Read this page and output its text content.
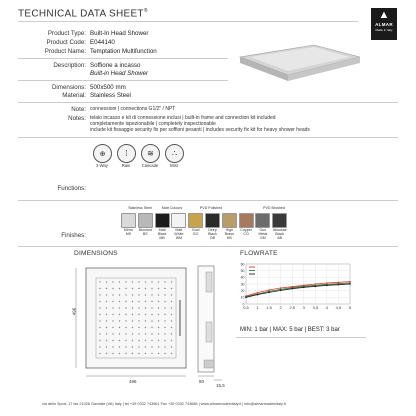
TECHNICAL DATA SHEET®	▲
ALMAR
Made in Italy
Product Type: Built-In Head Shower
Product Code: E044140
Product Name: Temptation Multifunction
Description: Soffione a incasso
Built-in Head Shower
Dimensions: 500x500 mm
Material: Stainless Steel
Note: connessioni | connections G1/2" / NPT
Notes: telaio incasso e kit di connessione inclusi | built-in frame and connection kit included
completamente ispezionabile | completely inspectionable
include kit fissaggio security fix per soffioni pesanti | includes security fix kit for heavy shower heads
Functions:
⊕
3 Way
⁞
Rain
≋
Cascade
∴
Mist
Finishes:
Stainless Steel	Matt Colours	PVD Polished	PVD Brushed
Mirror
MS
Brushed
BS
Matt Black
MB
Matt White
WM
Gold
GO
Deep Black
DB
High Brass
HB
Copper
CO
Gun Metal
GM
Absolute Black
AB
DIMENSIONS
496
496	80
15,5
FLOWRATE
0
10
20
30
40
50
60
0,5 1 1,5 2 2,5 3 3,5 4 4,5 5
MIN: 1 bar | MAX: 5 bar | BEST: 3 bar
via dello Sport, 17 bis 21026 Gavirate (VA) Italy | tel +39 0332 743961 Fax +39 0332 743686 | www.almarmadeinitaly.it | info@almarmadeinitaly.it
